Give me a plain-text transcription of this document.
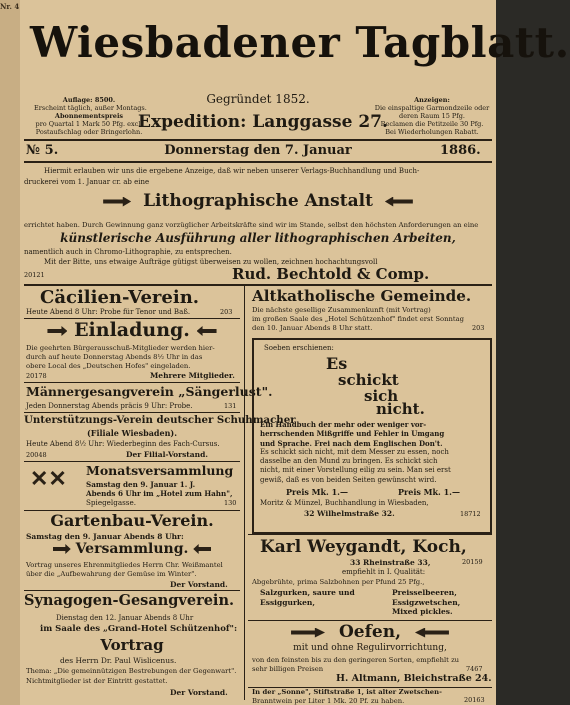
Nr. 4
Wiesbadener Tagblatt.
Auflage: 8500.
Erscheint täglich, außer Montags.
Abonnementspreis
pro Quartal 1 Mark 50 Pfg. excl.
Postaufschlag oder Bringerlohn.
Gegründet 1852.
Expedition: Langgasse 27.
Anzeigen:
Die einspaltige Garmondzeile oder
deren Raum 15 Pfg.
Reclamen die Petitzeile 30 Pfg.
Bei Wiederholungen Rabatt.
№ 5.	Donnerstag den 7. Januar	1886.
Hiermit erlauben wir uns die ergebene Anzeige, daß wir neben unserer Verlags-Buchhandlung und Buch-
druckerei vom 1. Januar cr. ab eine
Lithographische Anstalt
errichtet haben. Durch Gewinnung ganz vorzüglicher Arbeitskräfte sind wir im Stande, selbst den höchsten Anforderungen an eine
künstlerische Ausführung aller lithographischen Arbeiten,
namentlich auch in Chromo-Lithographie, zu entsprechen.
Mit der Bitte, uns etwaige Aufträge gütigst überweisen zu wollen, zeichnen hochachtungsvoll
20121	Rud. Bechtold & Comp.
Cäcilien-Verein.
Heute Abend 8 Uhr: Probe für Tenor und Baß.	203
Einladung.
Die geehrten Bürgerausschuß-Mitglieder werden hier-
durch auf heute Donnerstag Abends 8½ Uhr in das
obere Local des „Deutschen Hofes" eingeladen.
20178	Mehrere Mitglieder.
Männergesangverein „Sängerlust".
Jeden Donnerstag Abends präcis 9 Uhr: Probe.	131
Unterstützungs-Verein deutscher Schuhmacher
(Filiale Wiesbaden).
Heute Abend 8½ Uhr: Wiederbeginn des Fach-Cursus.
20048	Der Filial-Vorstand.
✕✕ Monatsversammlung
Samstag den 9. Januar 1. J.
Abends 6 Uhr im „Hotel zum Hahn",
Spiegelgasse.	130
Gartenbau-Verein.
Samstag den 9. Januar Abends 8 Uhr:
Versammlung.
Vortrag unseres Ehrenmitgliedes Herrn Chr. Weißmantel
über die „Aufbewahrung der Gemüse im Winter".
Der Vorstand.
Synagogen-Gesangverein.
Dienstag den 12. Januar Abends 8 Uhr
im Saale des „Grand-Hotel Schützenhof":
Vortrag
des Herrn Dr. Paul Wislicenus.
Thema: „Die gemeinnützigen Bestrebungen der Gegenwart".
Nichtmitglieder ist der Eintritt gestattet.
Der Vorstand.
Altkatholische Gemeinde.
Die nächste gesellige Zusammenkunft (mit Vortrag)
im großen Saale des „Hotel Schützenhof" findet erst Sonntag
den 10. Januar Abends 8 Uhr statt.	203
Soeben erschienen:
Es
schickt
sich
nicht.
Ein Handbuch der mehr oder weniger vor-
herrschenden Mißgriffe und Fehler in Umgang
und Sprache. Frei nach dem Englischen Don't.
Es schickt sich nicht, mit dem Messer zu essen, noch
dasselbe an den Mund zu bringen. Es schickt sich
nicht, mit einer Vorstellung eilig zu sein. Man sei erst
gewiß, daß es von beiden Seiten gewünscht wird.
Preis Mk. 1.—	Preis Mk. 1.—
Moritz & Münzel, Buchhandlung in Wiesbaden,
32 Wilhelmstraße 32.	18712
Karl Weygandt, Koch,
33 Rheinstraße 33,	20159
empfiehlt in I. Qualität:
Abgebrühte, prima Salzbohnen per Pfund 25 Pfg.,
Salzgurken, saure und
Essiggurken,
Preisselbeeren,
Essigzwetschen,
Mixed pickles.
Oefen,
mit und ohne Regulirvorrichtung,
von den feinsten bis zu den geringeren Sorten, empfiehlt zu
sehr billigen Preisen	7467
H. Altmann, Bleichstraße 24.
In der „Sonne", Stiftstraße 1, ist alter Zwetschen-
Branntwein per Liter 1 Mk. 20 Pf. zu haben.	20163
